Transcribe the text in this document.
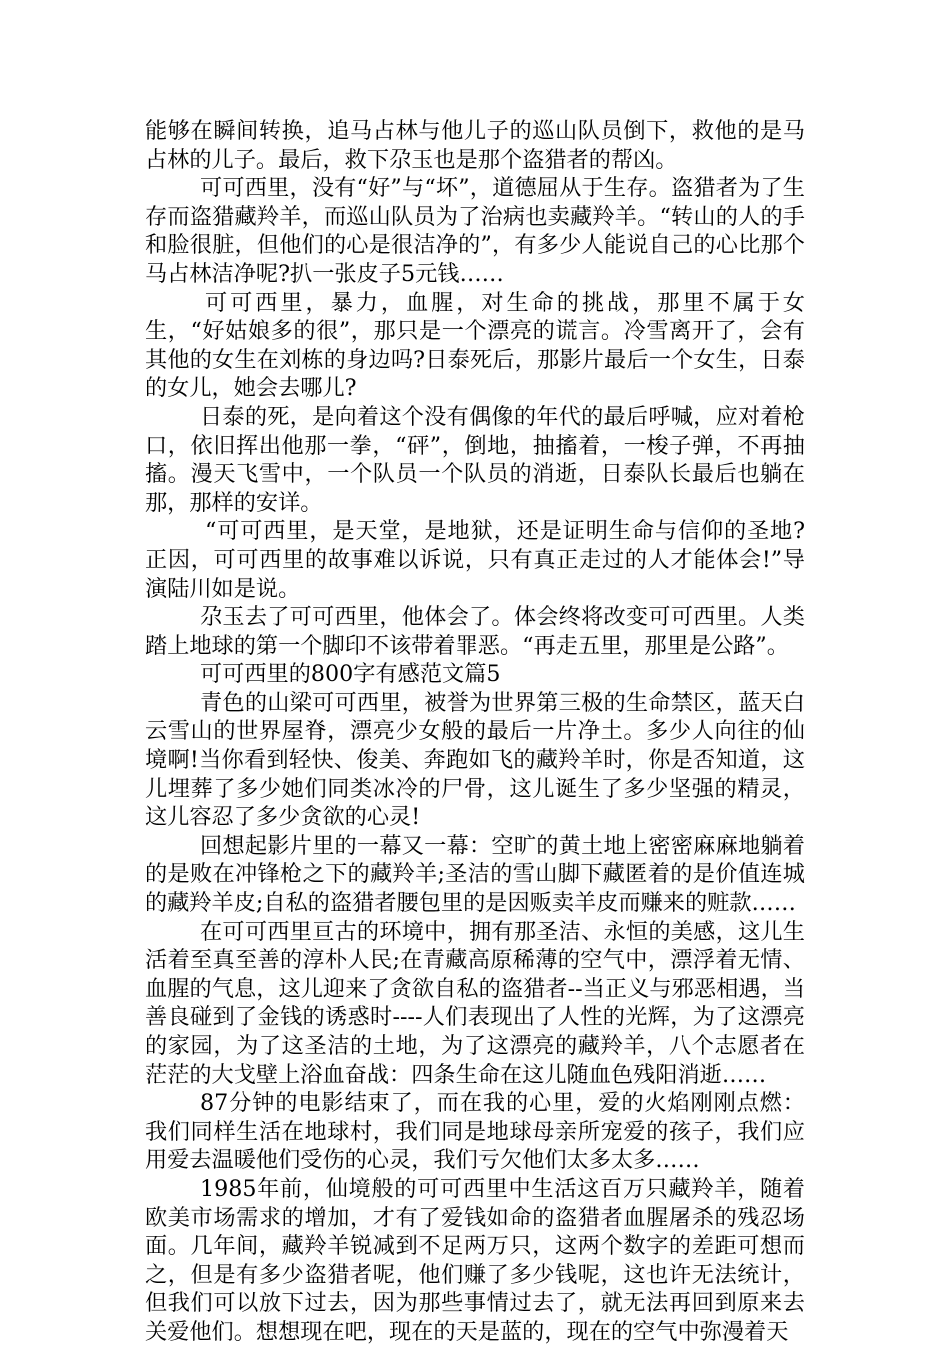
能够在瞬间转换，追马占林与他儿子的巡山队员倒下，救他的是马占林的儿子。最后，救下尕玉也是那个盗猎者的帮凶。

可可西里，没有“好”与“坏”，道德屈从于生存。盗猎者为了生存而盗猎藏羚羊，而巡山队员为了治病也卖藏羚羊。“转山的人的手和脸很脏，但他们的心是很洁净的”，有多少人能说自己的心比那个马占林洁净呢?扒一张皮子5元钱……

可可西里，暴力，血腥，对生命的挑战，那里不属于女生，“好姑娘多的很”，那只是一个漂亮的谎言。冷雪离开了，会有其他的女生在刘栋的身边吗?日泰死后，那影片最后一个女生，日泰的女儿，她会去哪儿?

日泰的死，是向着这个没有偶像的年代的最后呼喊，应对着枪口，依旧挥出他那一拳，“砰”，倒地，抽搐着，一梭子弹，不再抽搐。漫天飞雪中，一个队员一个队员的消逝，日泰队长最后也躺在那，那样的安详。

“可可西里，是天堂，是地狱，还是证明生命与信仰的圣地?正因，可可西里的故事难以诉说，只有真正走过的人才能体会!”导演陆川如是说。

尕玉去了可可西里，他体会了。体会终将改变可可西里。人类踏上地球的第一个脚印不该带着罪恶。“再走五里，那里是公路”。

可可西里的800字有感范文篇5

青色的山梁可可西里，被誉为世界第三极的生命禁区，蓝天白云雪山的世界屋脊，漂亮少女般的最后一片净土。多少人向往的仙境啊!当你看到轻快、俊美、奔跑如飞的藏羚羊时，你是否知道，这儿埋葬了多少她们同类冰冷的尸骨，这儿诞生了多少坚强的精灵，这儿容忍了多少贪欲的心灵!

回想起影片里的一幕又一幕：空旷的黄土地上密密麻麻地躺着的是败在冲锋枪之下的藏羚羊;圣洁的雪山脚下藏匿着的是价值连城的藏羚羊皮;自私的盗猎者腰包里的是因贩卖羊皮而赚来的赃款……

在可可西里亘古的环境中，拥有那圣洁、永恒的美感，这儿生活着至真至善的淳朴人民;在青藏高原稀薄的空气中，漂浮着无情、血腥的气息，这儿迎来了贪欲自私的盗猎者--当正义与邪恶相遇，当善良碰到了金钱的诱惑时----人们表现出了人性的光辉，为了这漂亮的家园，为了这圣洁的土地，为了这漂亮的藏羚羊，八个志愿者在茫茫的大戈壁上浴血奋战：四条生命在这儿随血色残阳消逝……

87分钟的电影结束了，而在我的心里，爱的火焰刚刚点燃：我们同样生活在地球村，我们同是地球母亲所宠爱的孩子，我们应用爱去温暖他们受伤的心灵，我们亏欠他们太多太多……

1985年前，仙境般的可可西里中生活这百万只藏羚羊，随着欧美市场需求的增加，才有了爱钱如命的盗猎者血腥屠杀的残忍场面。几年间，藏羚羊锐减到不足两万只，这两个数字的差距可想而之，但是有多少盗猎者呢，他们赚了多少钱呢，这也许无法统计，但我们可以放下过去，因为那些事情过去了，就无法再回到原来去关爱他们。想想现在吧，现在的天是蓝的，现在的空气中弥漫着天
